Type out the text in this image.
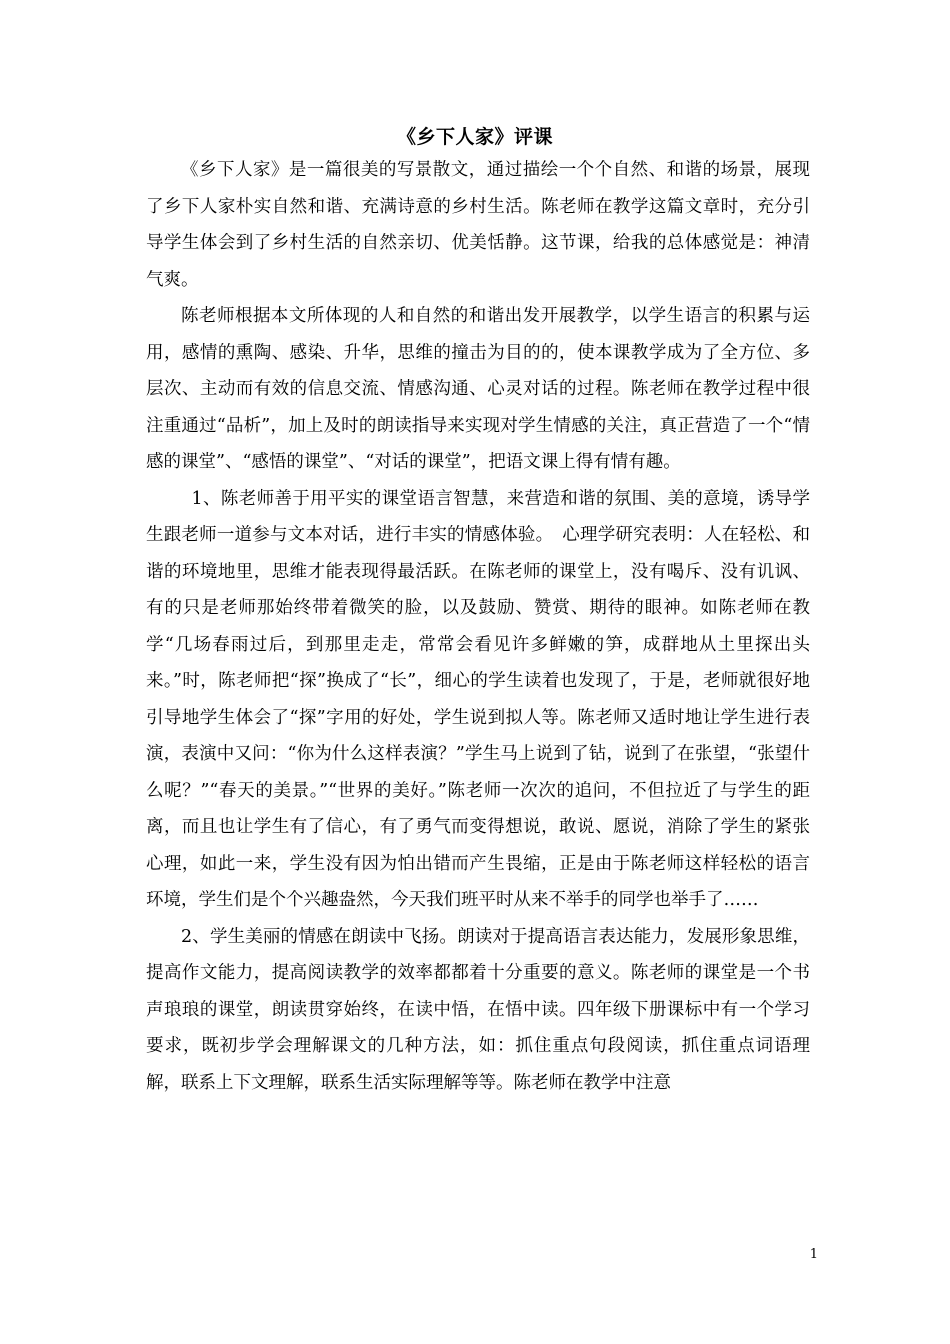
《乡下人家》评课

《乡下人家》是一篇很美的写景散文，通过描绘一个个自然、和谐的场景，展现了乡下人家朴实自然和谐、充满诗意的乡村生活。陈老师在教学这篇文章时，充分引导学生体会到了乡村生活的自然亲切、优美恬静。这节课，给我的总体感觉是：神清气爽。

陈老师根据本文所体现的人和自然的和谐出发开展教学，以学生语言的积累与运用，感情的熏陶、感染、升华，思维的撞击为目的的，使本课教学成为了全方位、多层次、主动而有效的信息交流、情感沟通、心灵对话的过程。陈老师在教学过程中很注重通过“品析”，加上及时的朗读指导来实现对学生情感的关注，真正营造了一个“情感的课堂”、“感悟的课堂”、“对话的课堂”，把语文课上得有情有趣。

1、陈老师善于用平实的课堂语言智慧，来营造和谐的氛围、美的意境，诱导学生跟老师一道参与文本对话，进行丰实的情感体验。　心理学研究表明：人在轻松、和谐的环境地里，思维才能表现得最活跃。在陈老师的课堂上，没有喝斥、没有讥讽、有的只是老师那始终带着微笑的脸，以及鼓励、赞赏、期待的眼神。如陈老师在教学“几场春雨过后，到那里走走，常常会看见许多鲜嫩的笋，成群地从土里探出头来。”时，陈老师把“探”换成了“长”，细心的学生读着也发现了，于是，老师就很好地引导地学生体会了“探”字用的好处，学生说到拟人等。陈老师又适时地让学生进行表演，表演中又问：“你为什么这样表演？”学生马上说到了钻，说到了在张望，“张望什么呢？”“春天的美景。”“世界的美好。”陈老师一次次的追问，不但拉近了与学生的距离，而且也让学生有了信心，有了勇气而变得想说，敢说、愿说，消除了学生的紧张心理，如此一来，学生没有因为怕出错而产生畏缩，正是由于陈老师这样轻松的语言环境，学生们是个个兴趣盎然，今天我们班平时从来不举手的同学也举手了……

2、学生美丽的情感在朗读中飞扬。朗读对于提高语言表达能力，发展形象思维，提高作文能力，提高阅读教学的效率都都着十分重要的意义。陈老师的课堂是一个书声琅琅的课堂，朗读贯穿始终，在读中悟，在悟中读。四年级下册课标中有一个学习要求，既初步学会理解课文的几种方法，如：抓住重点句段阅读，抓住重点词语理解，联系上下文理解，联系生活实际理解等等。陈老师在教学中注意

1
